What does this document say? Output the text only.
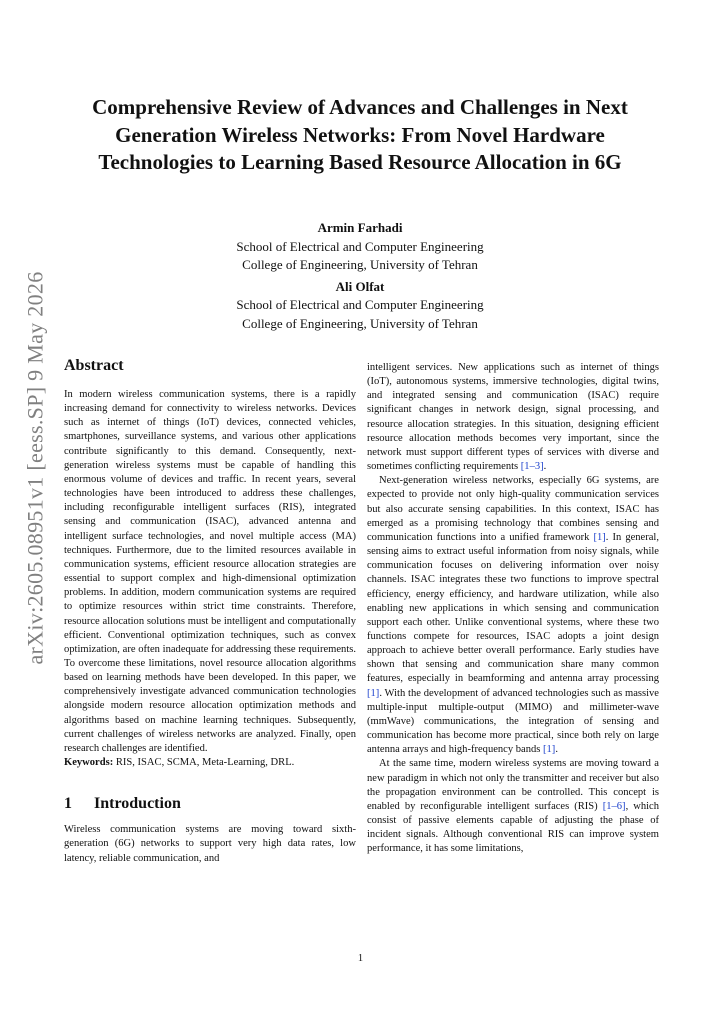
arXiv:2605.08951v1 [eess.SP] 9 May 2026
Comprehensive Review of Advances and Challenges in Next Generation Wireless Networks: From Novel Hardware Technologies to Learning Based Resource Allocation in 6G
Armin Farhadi
School of Electrical and Computer Engineering
College of Engineering, University of Tehran
Ali Olfat
School of Electrical and Computer Engineering
College of Engineering, University of Tehran
Abstract

In modern wireless communication systems, there is a rapidly increasing demand for connectivity to wireless networks. Devices such as internet of things (IoT) devices, connected vehicles, smartphones, surveillance systems, and various other applications contribute significantly to this demand. Consequently, next-generation wireless systems must be capable of handling this enormous volume of devices and traffic. In recent years, several technologies have been introduced to address these challenges, including reconfigurable intelligent surfaces (RIS), integrated sensing and communication (ISAC), advanced antenna and intelligent surface technologies, and novel multiple access (MA) techniques. Furthermore, due to the limited resources available in communication systems, efficient resource allocation strategies are essential to support complex and high-dimensional optimization problems. In addition, modern communication systems are required to optimize resources within strict time constraints. Therefore, resource allocation solutions must be intelligent and computationally efficient. Conventional optimization techniques, such as convex optimization, are often inadequate for addressing these requirements. To overcome these limitations, novel resource allocation algorithms based on learning methods have been developed. In this paper, we comprehensively investigate advanced communication technologies alongside modern resource allocation optimization methods and algorithms based on machine learning techniques. Subsequently, current challenges of wireless networks are analyzed. Finally, open research challenges are identified.

Keywords: RIS, ISAC, SCMA, Meta-Learning, DRL.

1 Introduction

Wireless communication systems are moving toward sixth-generation (6G) networks to support very high data rates, low latency, reliable communication, and

intelligent services. New applications such as internet of things (IoT), autonomous systems, immersive technologies, digital twins, and integrated sensing and communication (ISAC) require significant changes in network design, signal processing, and resource allocation strategies. In this situation, designing efficient resource allocation methods becomes very important, since the network must support different types of services with diverse and sometimes conflicting requirements [1–3].

Next-generation wireless networks, especially 6G systems, are expected to provide not only high-quality communication services but also accurate sensing capabilities. In this context, ISAC has emerged as a promising technology that combines sensing and communication functions into a unified framework [1]. In general, sensing aims to extract useful information from noisy signals, while communication focuses on delivering information over noisy channels. ISAC integrates these two functions to improve spectral efficiency, energy efficiency, and hardware utilization, while also enabling new applications in which sensing and communication support each other. Unlike conventional systems, where these two functions compete for resources, ISAC adopts a joint design approach to achieve better overall performance. Early studies have shown that sensing and communication share many common features, especially in beamforming and antenna array processing [1]. With the development of advanced technologies such as massive multiple-input multiple-output (MIMO) and millimeter-wave (mmWave) communications, the integration of sensing and communication has become more practical, since both rely on large antenna arrays and high-frequency bands [1].

At the same time, modern wireless systems are moving toward a new paradigm in which not only the transmitter and receiver but also the propagation environment can be controlled. This concept is enabled by reconfigurable intelligent surfaces (RIS) [1–6], which consist of passive elements capable of adjusting the phase of incident signals. Although conventional RIS can improve system performance, it has some limitations,

1
